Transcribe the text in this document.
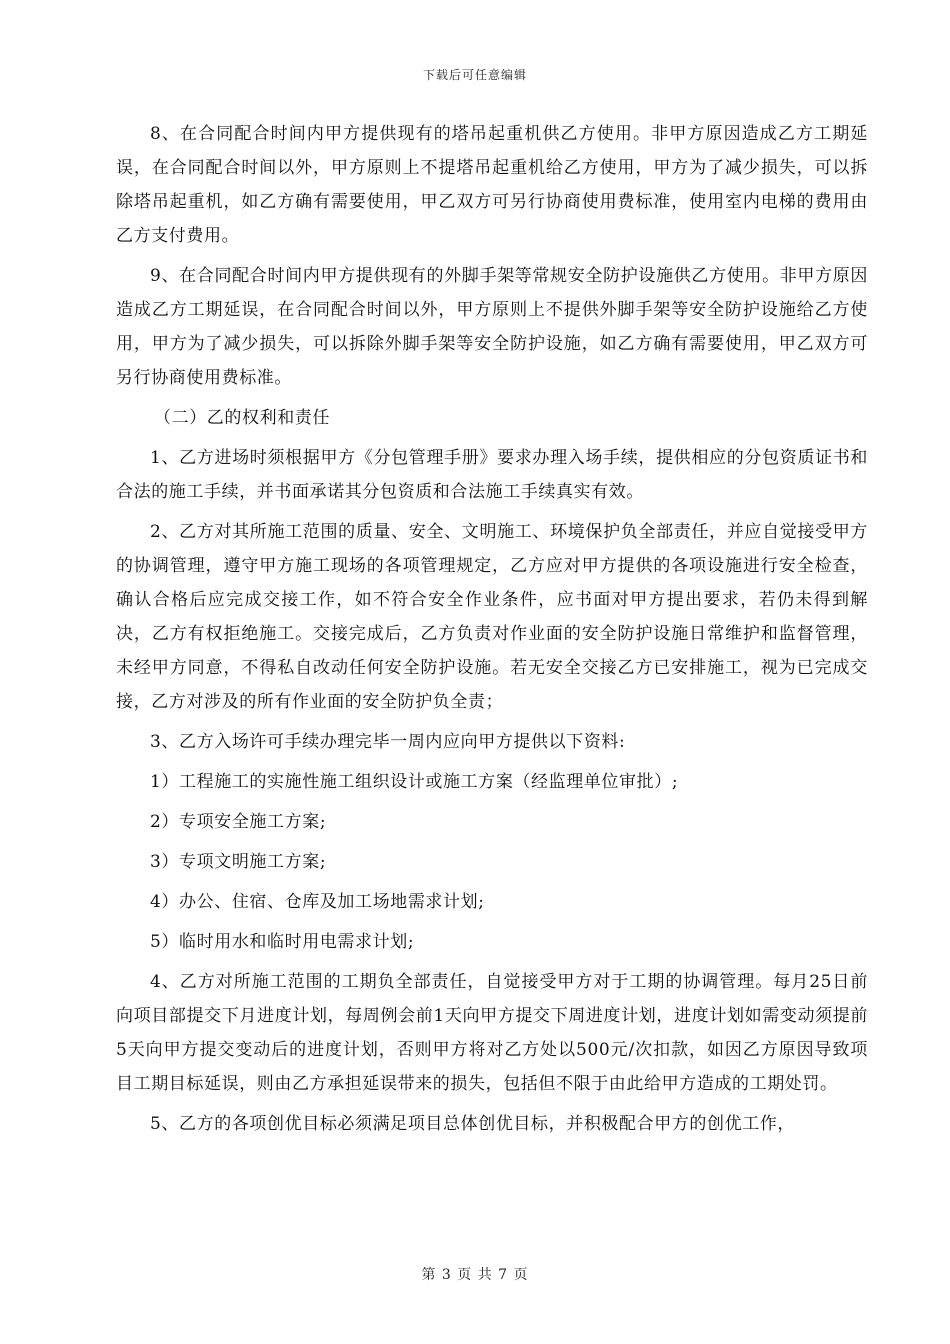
下载后可任意编辑

8、在合同配合时间内甲方提供现有的塔吊起重机供乙方使用。非甲方原因造成乙方工期延误，在合同配合时间以外，甲方原则上不提塔吊起重机给乙方使用，甲方为了减少损失，可以拆除塔吊起重机，如乙方确有需要使用，甲乙双方可另行协商使用费标准，使用室内电梯的费用由乙方支付费用。

9、在合同配合时间内甲方提供现有的外脚手架等常规安全防护设施供乙方使用。非甲方原因造成乙方工期延误，在合同配合时间以外，甲方原则上不提供外脚手架等安全防护设施给乙方使用，甲方为了减少损失，可以拆除外脚手架等安全防护设施，如乙方确有需要使用，甲乙双方可另行协商使用费标准。

（二）乙的权利和责任

1、乙方进场时须根据甲方《分包管理手册》要求办理入场手续，提供相应的分包资质证书和合法的施工手续，并书面承诺其分包资质和合法施工手续真实有效。

2、乙方对其所施工范围的质量、安全、文明施工、环境保护负全部责任，并应自觉接受甲方的协调管理，遵守甲方施工现场的各项管理规定，乙方应对甲方提供的各项设施进行安全检查，确认合格后应完成交接工作，如不符合安全作业条件，应书面对甲方提出要求，若仍未得到解决，乙方有权拒绝施工。交接完成后，乙方负责对作业面的安全防护设施日常维护和监督管理，未经甲方同意，不得私自改动任何安全防护设施。若无安全交接乙方已安排施工，视为已完成交接，乙方对涉及的所有作业面的安全防护负全责；

3、乙方入场许可手续办理完毕一周内应向甲方提供以下资料:

1）工程施工的实施性施工组织设计或施工方案（经监理单位审批）;

2）专项安全施工方案;

3）专项文明施工方案;

4）办公、住宿、仓库及加工场地需求计划;

5）临时用水和临时用电需求计划;

4、乙方对所施工范围的工期负全部责任，自觉接受甲方对于工期的协调管理。每月25日前向项目部提交下月进度计划，每周例会前1天向甲方提交下周进度计划，进度计划如需变动须提前5天向甲方提交变动后的进度计划，否则甲方将对乙方处以500元/次扣款，如因乙方原因导致项目工期目标延误，则由乙方承担延误带来的损失，包括但不限于由此给甲方造成的工期处罚。

5、乙方的各项创优目标必须满足项目总体创优目标，并积极配合甲方的创优工作，

第 3 页 共 7 页
